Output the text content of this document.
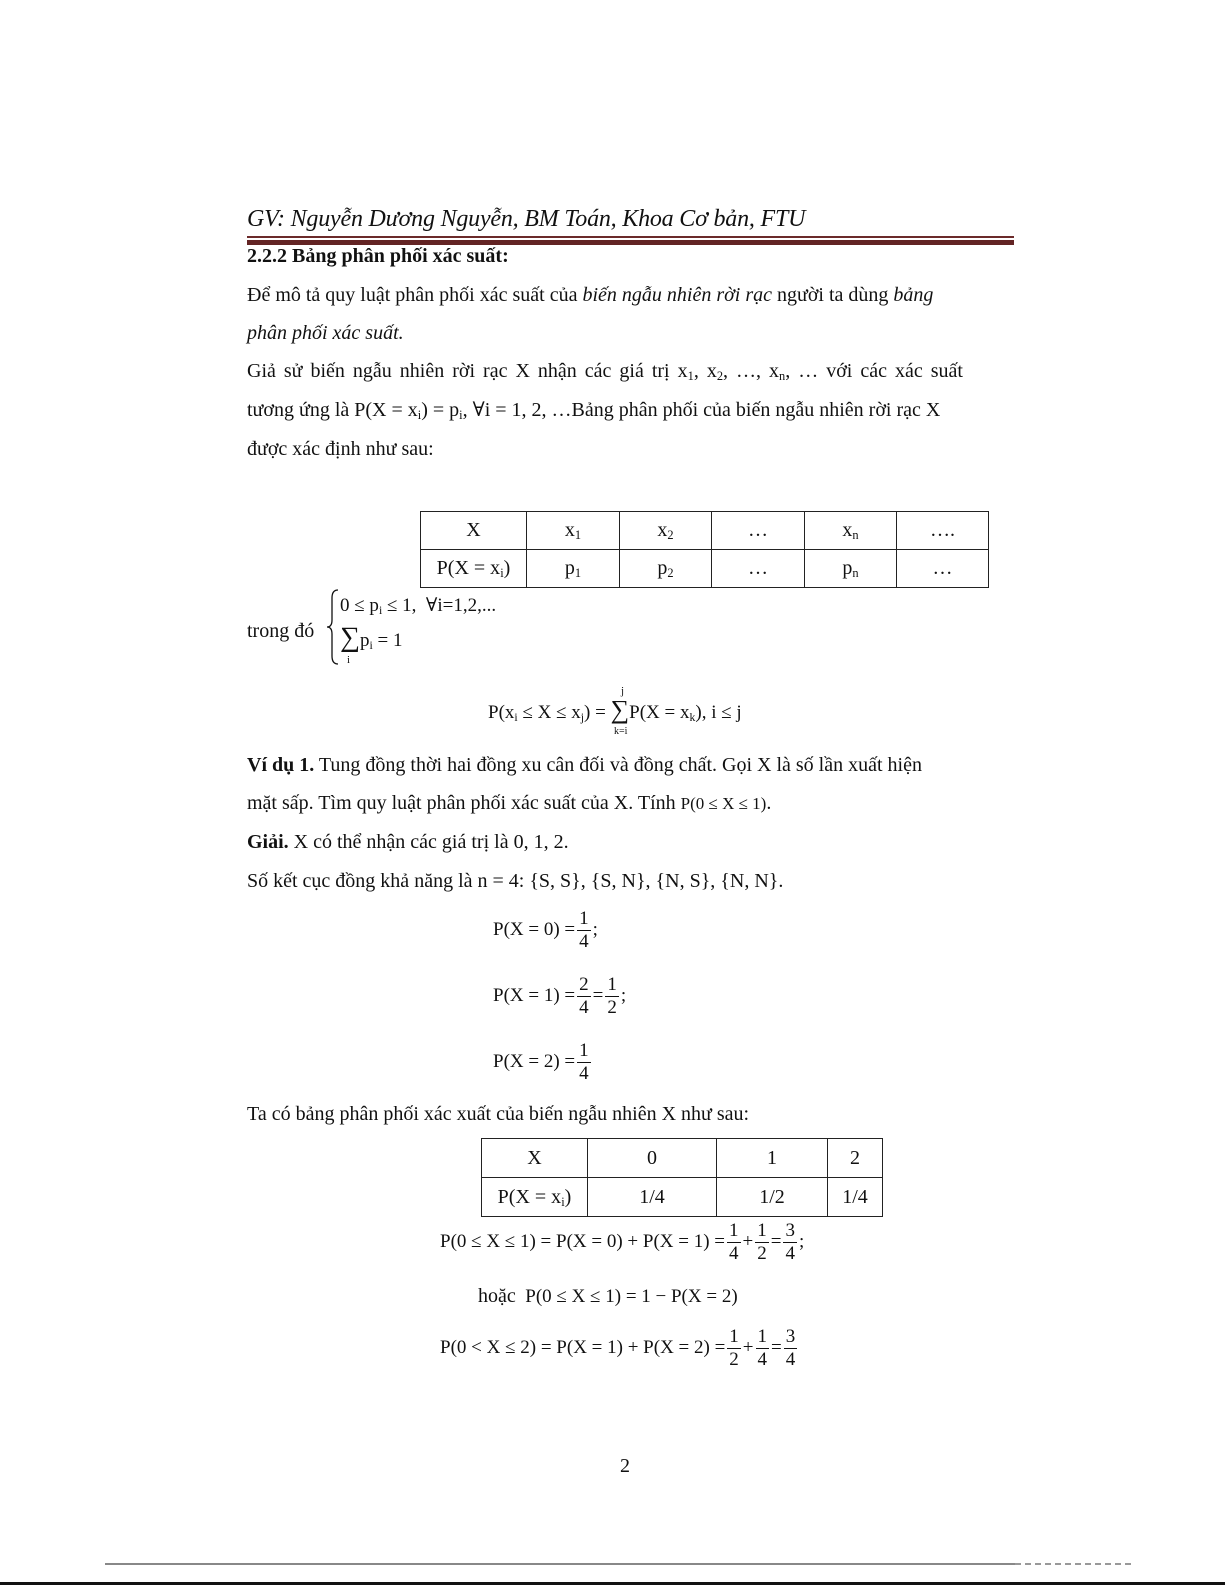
GV: Nguyễn Dương Nguyễn, BM Toán, Khoa Cơ bản, FTU
2.2.2 Bảng phân phối xác suất:
Để mô tả quy luật phân phối xác suất của biến ngẫu nhiên rời rạc người ta dùng bảng
phân phối xác suất.
Giả sử biến ngẫu nhiên rời rạc X nhận các giá trị $x_1$, $x_2$, …, $x_n$, … với các xác suất
tương ứng là $P(X = x_i) = p_i$, ∀i = 1, 2, …Bảng phân phối của biến ngẫu nhiên rời rạc X
được xác định như sau:
X	$x_1$	$x_2$	…	$x_n$	….
$P(X = x_i)$	$p_1$	$p_2$	…	$p_n$	…
trong đó
$0 \le p_i \le 1$,  ∀i=1,2,...
$\sum p_i = 1$
i
$P(x_i \le X \le x_j) = \sum P(X = x_k)$, i ≤ j
j
k=i
Ví dụ 1. Tung đồng thời hai đồng xu cân đối và đồng chất. Gọi X là số lần xuất hiện
mặt sấp. Tìm quy luật phân phối xác suất của X. Tính P(0 ≤ X ≤ 1).
Giải. X có thể nhận các giá trị là 0, 1, 2.
Số kết cục đồng khả năng là n = 4: {S, S}, {S, N}, {N, S}, {N, N}.
$P(X = 0) = \frac{1}{4}$ ;
$P(X = 1) = \frac{2}{4} = \frac{1}{2}$ ;
$P(X = 2) = \frac{1}{4}$
Ta có bảng phân phối xác xuất của biến ngẫu nhiên X như sau:
X	0	1	2
$P(X = x_i)$	1/4	1/2	1/4
$P(0 \le X \le 1) = P(X = 0) + P(X = 1) = \frac{1}{4} + \frac{1}{2} = \frac{3}{4}$ ;
hoặc P(0 ≤ X ≤ 1) = 1 − P(X = 2)
$P(0 < X \le 2) = P(X = 1) + P(X = 2) = \frac{1}{2} + \frac{1}{4} = \frac{3}{4}$
2
